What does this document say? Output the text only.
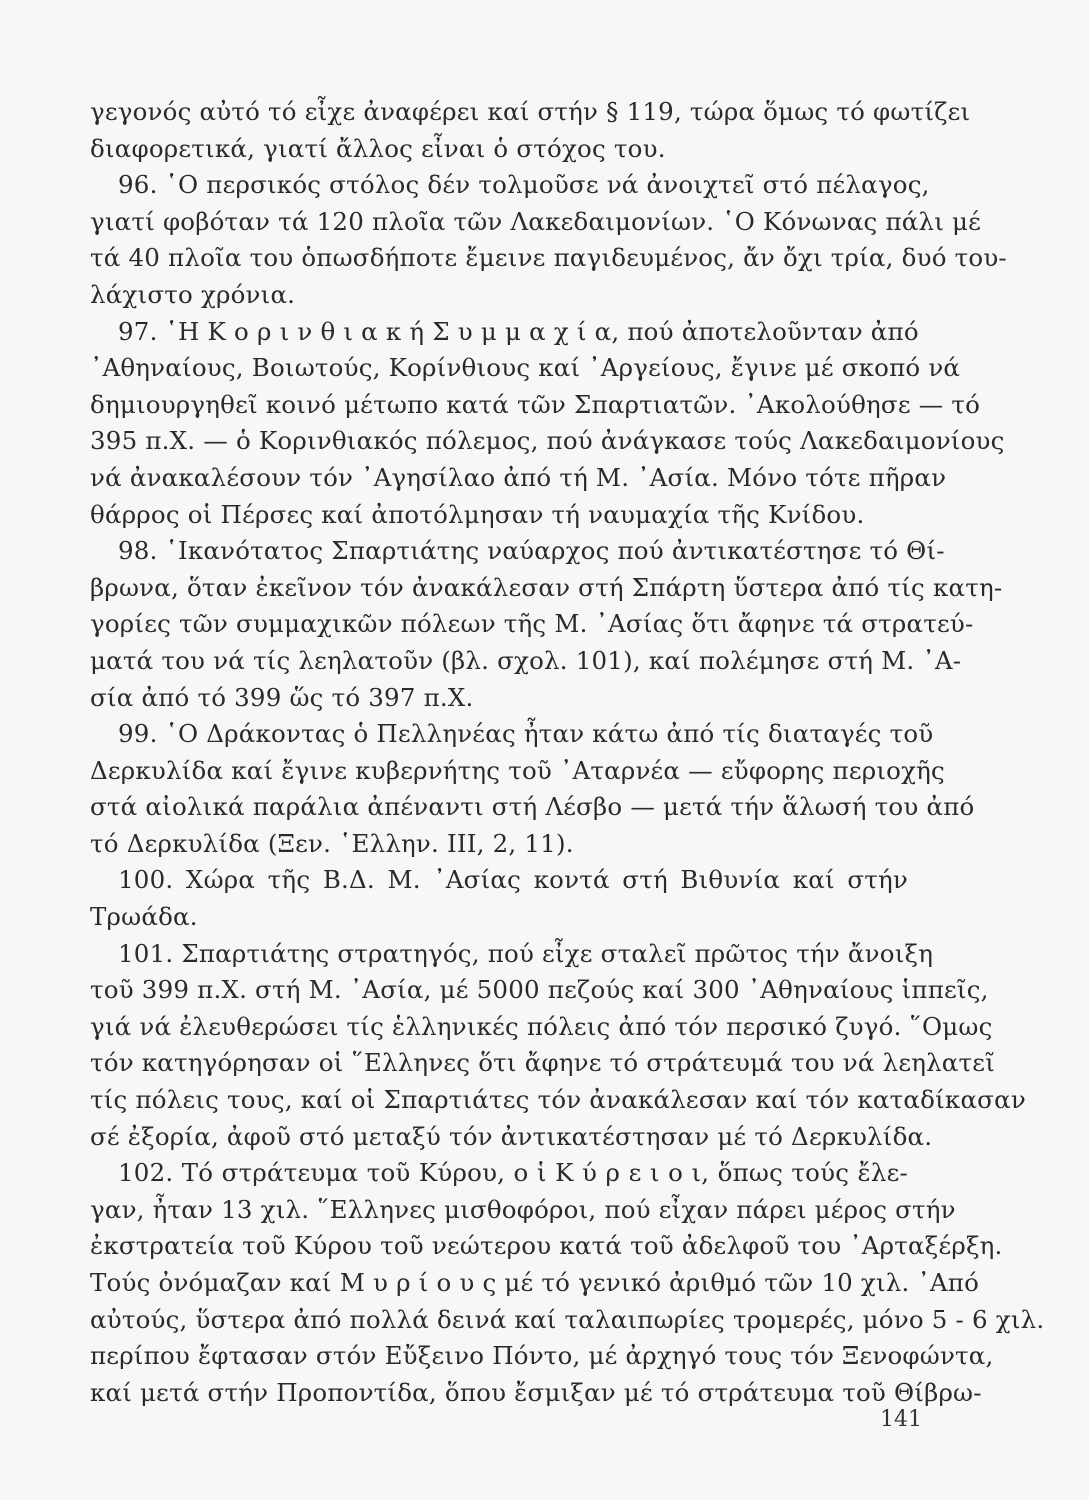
γεγονός αὐτό τό εἶχε ἀναφέρει καί στήν § 119, τώρα ὅμως τό φωτίζει
διαφορετικά, γιατί ἄλλος εἶναι ὁ στόχος του.
96. ῾Ο περσικός στόλος δέν τολμοῦσε νά ἀνοιχτεῖ στό πέλαγος,
γιατί φοβόταν τά 120 πλοῖα τῶν Λακεδαιμονίων. ῾Ο Κόνωνας πάλι μέ
τά 40 πλοῖα του ὁπωσδήποτε ἔμεινε παγιδευμένος, ἄν ὄχι τρία, δυό του-
λάχιστο χρόνια.
97. ῾Η Κ ο ρ ι ν θ ι α κ ή Σ υ μ μ α χ ί α, πού ἀποτελοῦνταν ἀπό
᾿Αθηναίους, Βοιωτούς, Κορίνθιους καί ᾿Αργείους, ἔγινε μέ σκοπό νά
δημιουργηθεῖ κοινό μέτωπο κατά τῶν Σπαρτιατῶν. ᾿Ακολούθησε — τό
395 π.Χ. — ὁ Κορινθιακός πόλεμος, πού ἀνάγκασε τούς Λακεδαιμονίους
νά ἀνακαλέσουν τόν ᾿Αγησίλαο ἀπό τή Μ. ᾿Ασία. Μόνο τότε πῆραν
θάρρος οἱ Πέρσες καί ἀποτόλμησαν τή ναυμαχία τῆς Κνίδου.
98. ῾Ικανότατος Σπαρτιάτης ναύαρχος πού ἀντικατέστησε τό Θί-
βρωνα, ὅταν ἐκεῖνον τόν ἀνακάλεσαν στή Σπάρτη ὕστερα ἀπό τίς κατη-
γορίες τῶν συμμαχικῶν πόλεων τῆς Μ. ᾿Ασίας ὅτι ἄφηνε τά στρατεύ-
ματά του νά τίς λεηλατοῦν (βλ. σχολ. 101), καί πολέμησε στή Μ. ᾿Α-
σία ἀπό τό 399 ὥς τό 397 π.Χ.
99. ῾Ο Δράκοντας ὁ Πελληνέας ἦταν κάτω ἀπό τίς διαταγές τοῦ
Δερκυλίδα καί ἔγινε κυβερνήτης τοῦ ᾿Αταρνέα — εὔφορης περιοχῆς
στά αἰολικά παράλια ἀπέναντι στή Λέσβο — μετά τήν ἅλωσή του ἀπό
τό Δερκυλίδα (Ξεν. ῾Ελλην. ΙΙΙ, 2, 11).
100. Χώρα τῆς Β.Δ. Μ. ᾿Ασίας κοντά στή Βιθυνία καί στήν
Τρωάδα.
101. Σπαρτιάτης στρατηγός, πού εἶχε σταλεῖ πρῶτος τήν ἄνοιξη
τοῦ 399 π.Χ. στή Μ. ᾿Ασία, μέ 5000 πεζούς καί 300 ᾿Αθηναίους ἱππεῖς,
γιά νά ἐλευθερώσει τίς ἑλληνικές πόλεις ἀπό τόν περσικό ζυγό. ῞Ομως
τόν κατηγόρησαν οἱ ῞Ελληνες ὅτι ἄφηνε τό στράτευμά του νά λεηλατεῖ
τίς πόλεις τους, καί οἱ Σπαρτιάτες τόν ἀνακάλεσαν καί τόν καταδίκασαν
σέ ἐξορία, ἀφοῦ στό μεταξύ τόν ἀντικατέστησαν μέ τό Δερκυλίδα.
102. Τό στράτευμα τοῦ Κύρου, ο ἱ Κ ύ ρ ε ι ο ι, ὅπως τούς ἔλε-
γαν, ἦταν 13 χιλ. ῞Ελληνες μισθοφόροι, πού εἶχαν πάρει μέρος στήν
ἐκστρατεία τοῦ Κύρου τοῦ νεώτερου κατά τοῦ ἀδελφοῦ του ᾿Αρταξέρξη.
Τούς ὀνόμαζαν καί Μ υ ρ ί ο υ ς μέ τό γενικό ἀριθμό τῶν 10 χιλ. ᾿Από
αὐτούς, ὕστερα ἀπό πολλά δεινά καί ταλαιπωρίες τρομερές, μόνο 5 - 6 χιλ.
περίπου ἔφτασαν στόν Εὔξεινο Πόντο, μέ ἀρχηγό τους τόν Ξενοφώντα,
καί μετά στήν Προποντίδα, ὅπου ἔσμιξαν μέ τό στράτευμα τοῦ Θίβρω-
141
